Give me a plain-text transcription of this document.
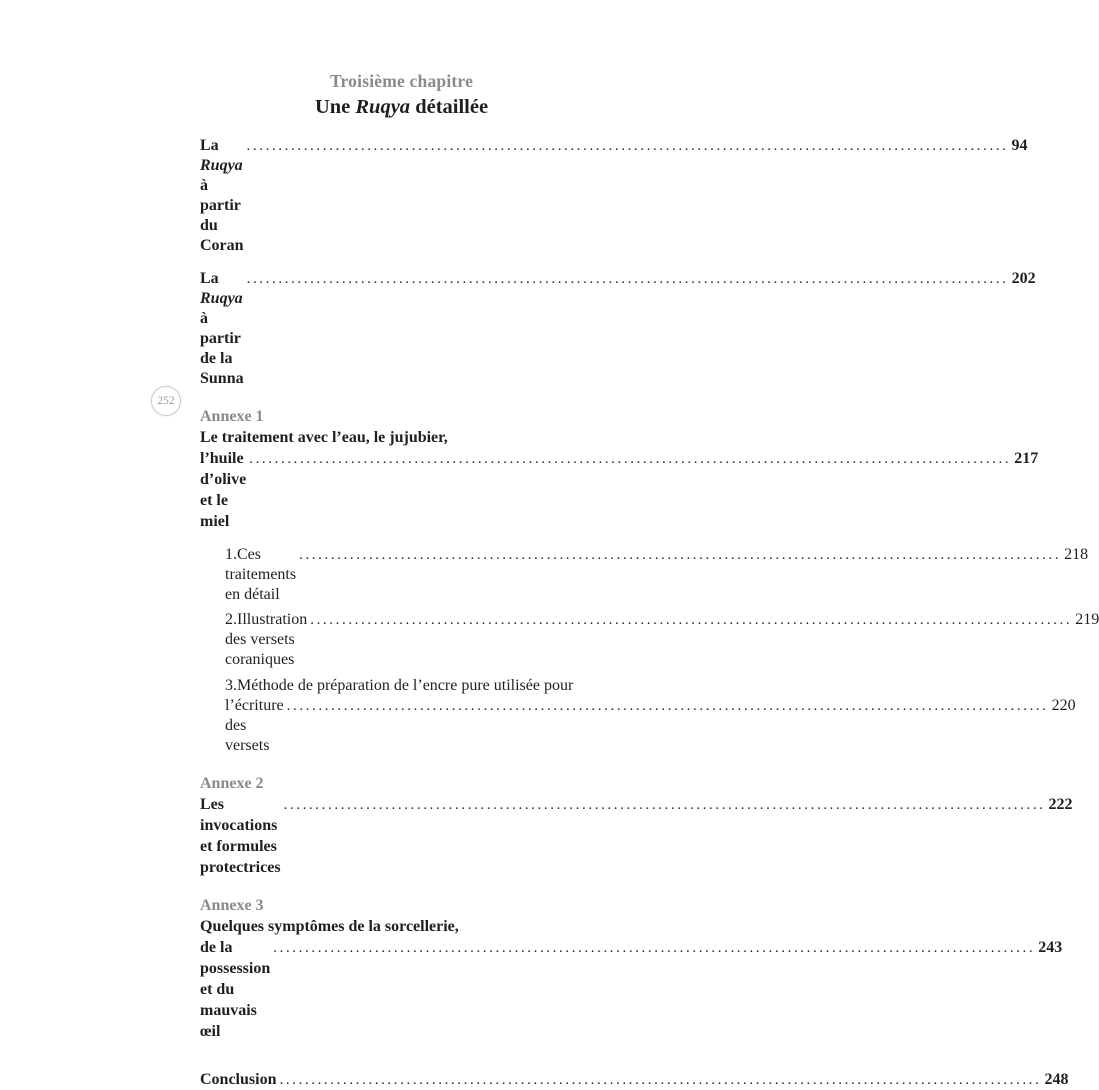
252
Troisième chapitre
Une Ruqya détaillée
La Ruqya à partir du Coran
.....
94
La Ruqya à partir de la Sunna
.....
202
Annexe 1
Le traitement avec l’eau, le jujubier,
l’huile d’olive et le miel
.....
217
1.Ces traitements en détail
.....
218
2.Illustration des versets coraniques
.....
219
3.Méthode de préparation de l’encre pure utilisée pour
l’écriture des versets
.....
220
Annexe 2
Les invocations et formules protectrices
.....
222
Annexe 3
Quelques symptômes de la sorcellerie,
de la possession et du mauvais œil
.....
243
Conclusion .....	248
